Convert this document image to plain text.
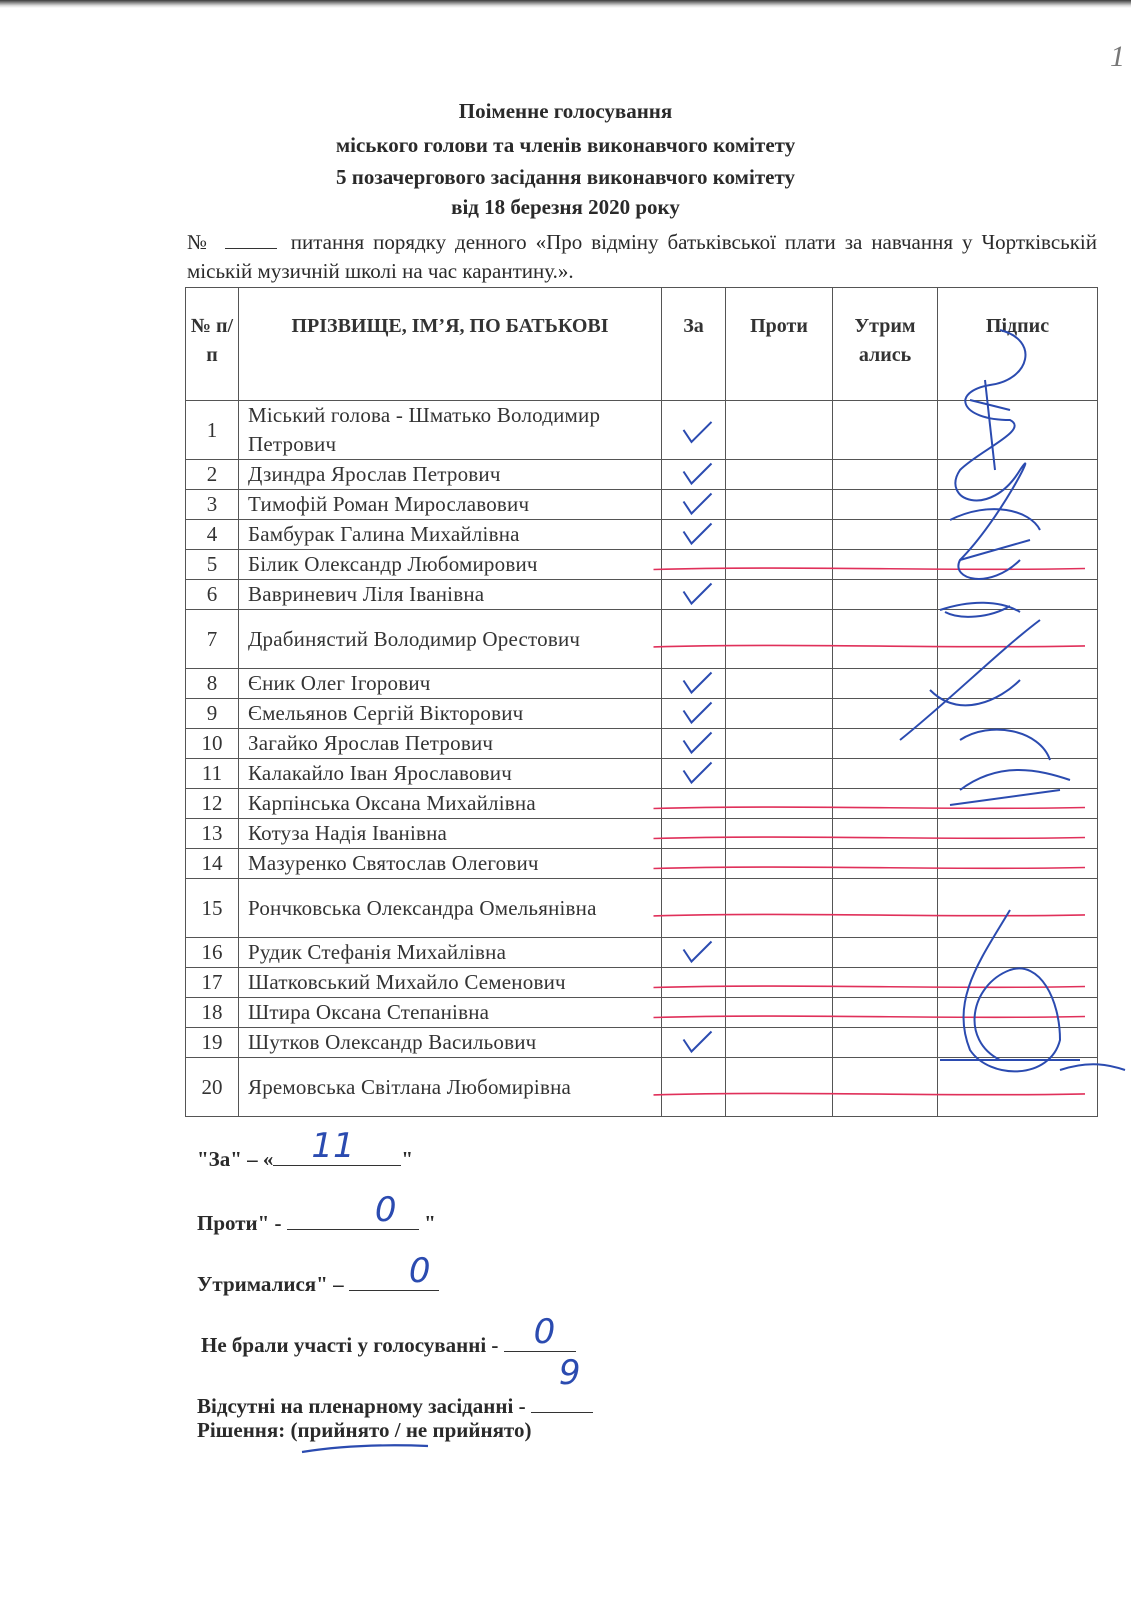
1
Поіменне голосування
міського голови та членів виконавчого комітету
5 позачергового засідання виконавчого комітету
від 18 березня 2020 року
№	питання порядку денного «Про відміну батьківської плати за навчання у Чортківській міській музичній школі на час карантину.».
№ п/п	ПРІЗВИЩЕ, ІМ’Я, ПО БАТЬКОВІ	За	Проти	Утрим ались	Підпис
1	Міський голова - Шматько Володимир Петрович				
2	Дзиндра Ярослав Петрович				
3	Тимофій Роман Мирославович				
4	Бамбурак Галина Михайлівна				
5	Білик Олександр Любомирович				
6	Вавриневич Ліля Іванівна				
7	Драбинястий Володимир Орестович				
8	Єник Олег Ігорович				
9	Ємельянов Сергій Вікторович				
10	Загайко Ярослав Петрович				
11	Калакайло Іван Ярославович				
12	Карпінська Оксана Михайлівна				
13	Котуза Надія Іванівна				
14	Мазуренко Святослав Олегович				
15	Рончковська Олександра Омельянівна				
16	Рудик Стефанія Михайлівна				
17	Шатковський Михайло Семенович				
18	Штира Оксана Степанівна				
19	Шутков Олександр Васильович				
20	Яремовська Світлана Любомирівна				
"За" – « 11 "
Проти" -	0 "
Утрималися" – 0
Не брали участі у голосуванні - 0
Відсутні на пленарному засіданні -
9
Рішення: (прийнято / не прийнято)
